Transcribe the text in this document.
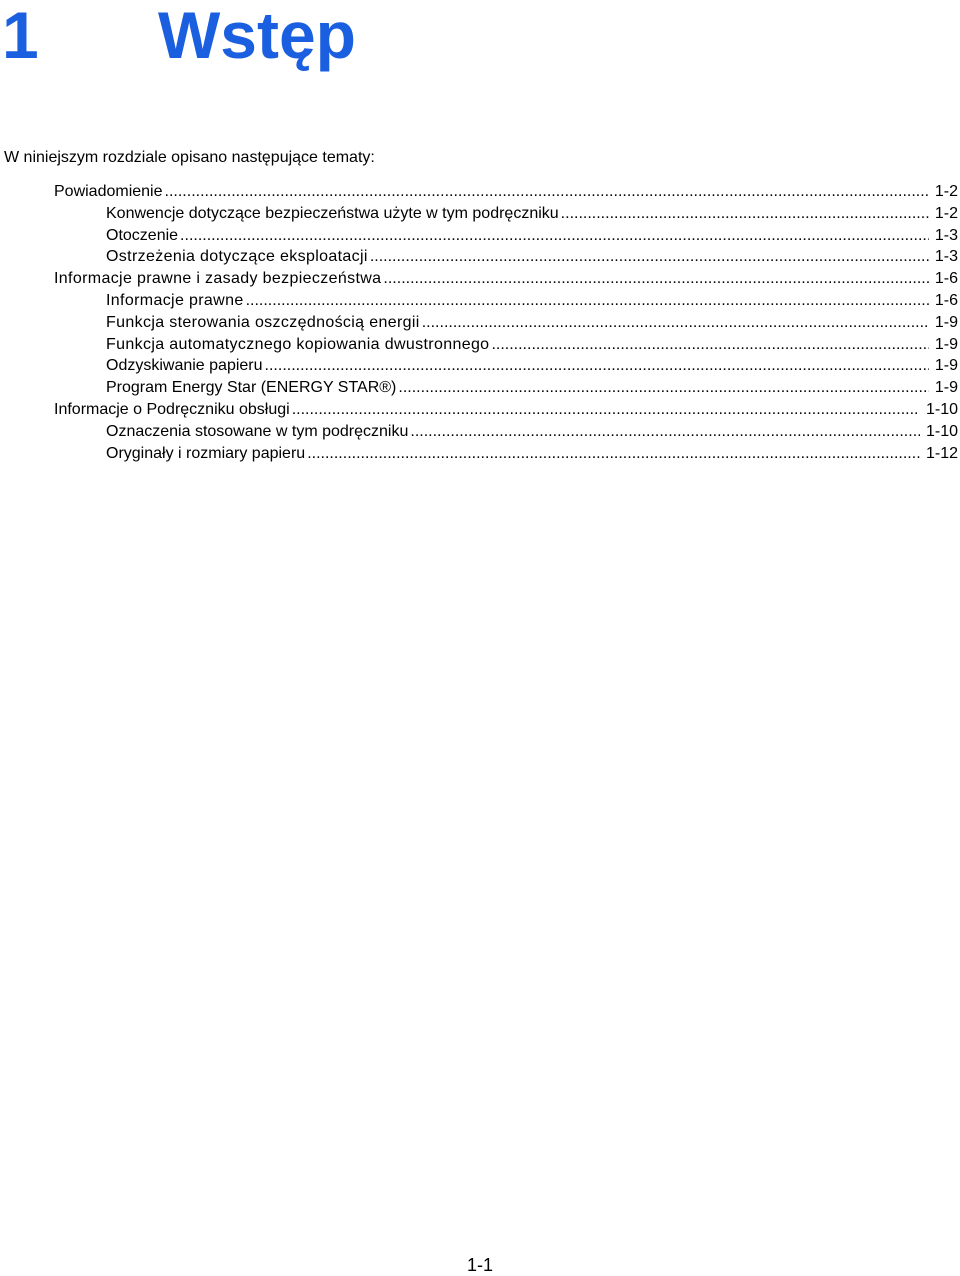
1 Wstęp
W niniejszym rozdziale opisano następujące tematy:
Powiadomienie .....	1-2
Konwencje dotyczące bezpieczeństwa użyte w tym podręczniku .....	1-2
Otoczenie .....	1-3
Ostrzeżenia dotyczące eksploatacji .....	1-3
Informacje prawne i zasady bezpieczeństwa .....	1-6
Informacje prawne .....	1-6
Funkcja sterowania oszczędnością energii .....	1-9
Funkcja automatycznego kopiowania dwustronnego .....	1-9
Odzyskiwanie papieru .....	1-9
Program Energy Star (ENERGY STAR®) .....	1-9
Informacje o Podręczniku obsługi .....	1-10
Oznaczenia stosowane w tym podręczniku .....	1-10
Oryginały i rozmiary papieru .....	1-12
1-1
